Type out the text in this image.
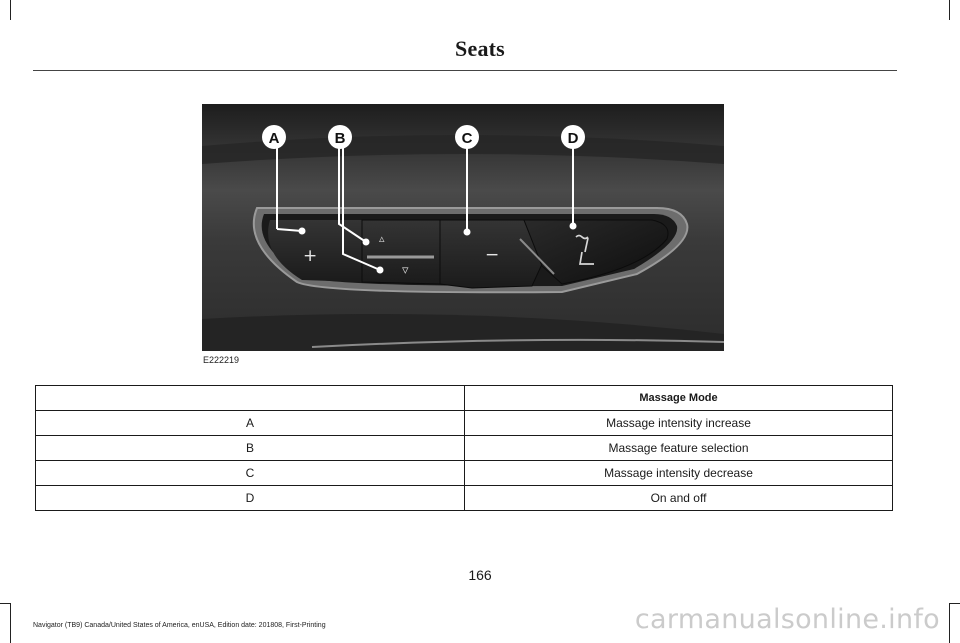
Seats
+
▵
▿
−
A	B	C	D
E222219
	Massage Mode
A	Massage intensity increase
B	Massage feature selection
C	Massage intensity decrease
D	On and off
166
Navigator (TB9) Canada/United States of America, enUSA, Edition date: 201808, First-Printing	carmanualsonline.info
